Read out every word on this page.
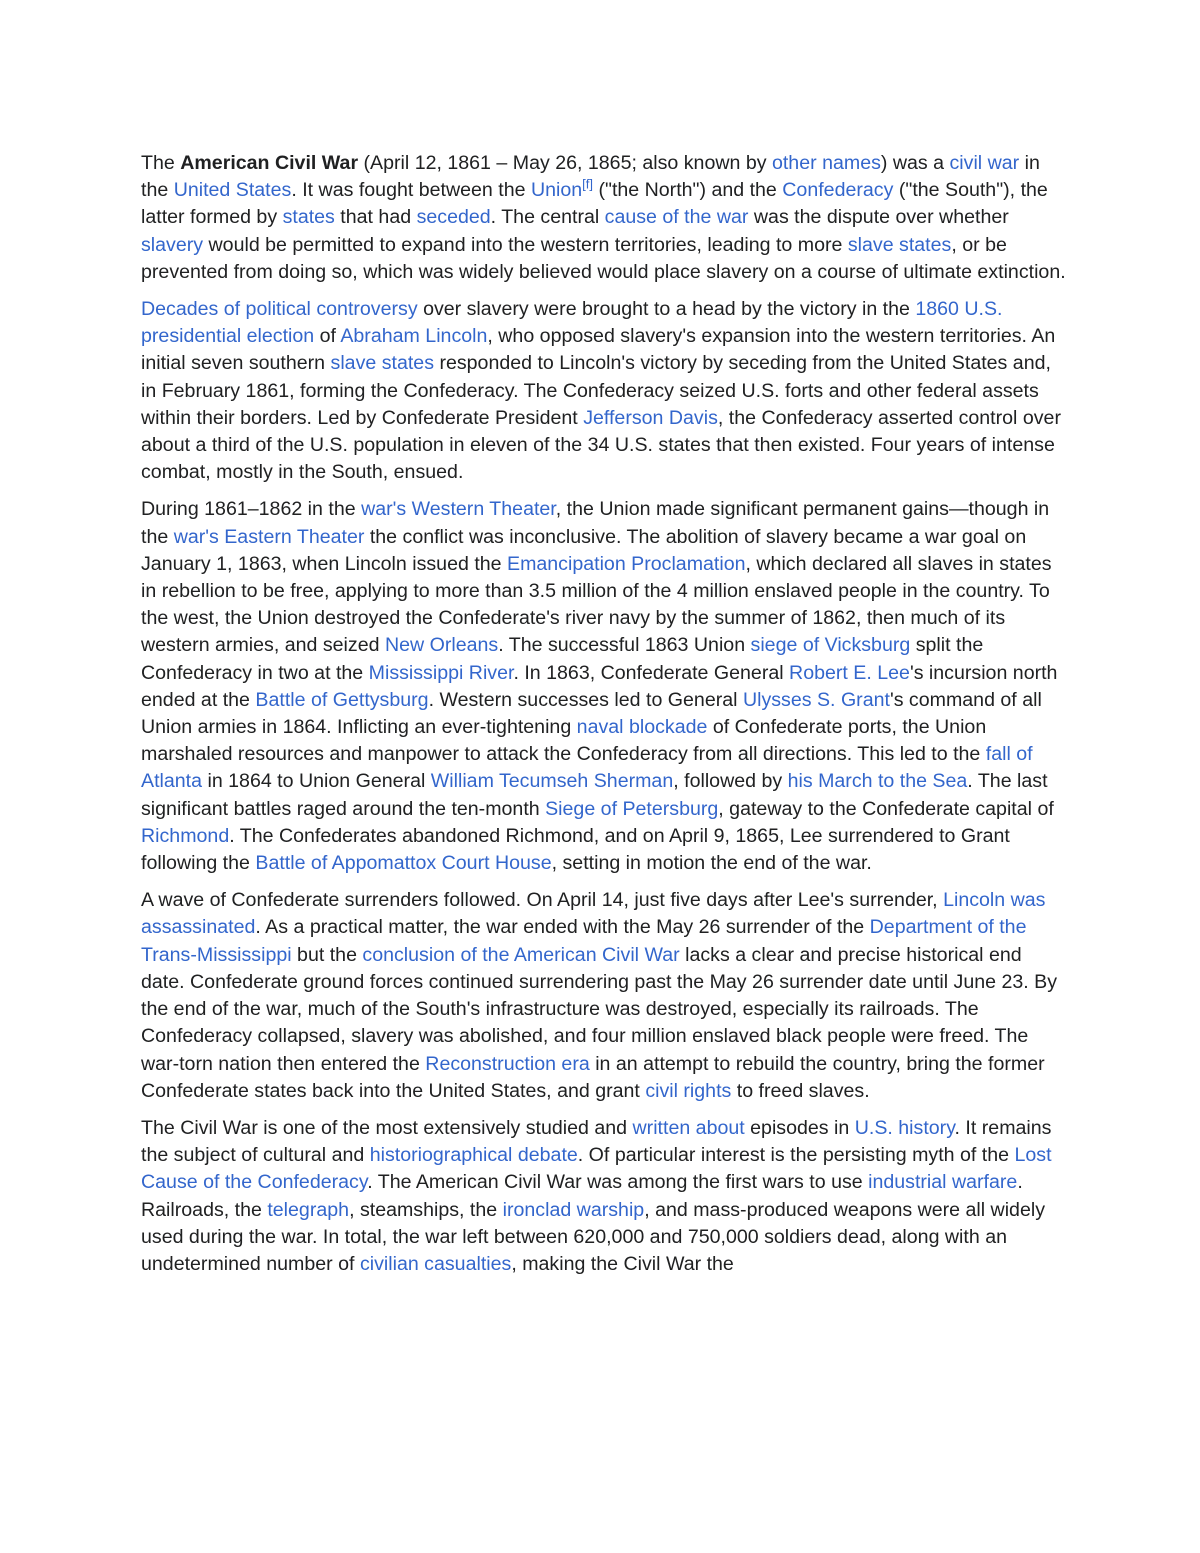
The American Civil War (April 12, 1861 – May 26, 1865; also known by other names) was a civil war in the United States. It was fought between the Union[f] ("the North") and the Confederacy ("the South"), the latter formed by states that had seceded. The central cause of the war was the dispute over whether slavery would be permitted to expand into the western territories, leading to more slave states, or be prevented from doing so, which was widely believed would place slavery on a course of ultimate extinction.

Decades of political controversy over slavery were brought to a head by the victory in the 1860 U.S. presidential election of Abraham Lincoln, who opposed slavery's expansion into the western territories. An initial seven southern slave states responded to Lincoln's victory by seceding from the United States and, in February 1861, forming the Confederacy. The Confederacy seized U.S. forts and other federal assets within their borders. Led by Confederate President Jefferson Davis, the Confederacy asserted control over about a third of the U.S. population in eleven of the 34 U.S. states that then existed. Four years of intense combat, mostly in the South, ensued.

During 1861–1862 in the war's Western Theater, the Union made significant permanent gains—though in the war's Eastern Theater the conflict was inconclusive. The abolition of slavery became a war goal on January 1, 1863, when Lincoln issued the Emancipation Proclamation, which declared all slaves in states in rebellion to be free, applying to more than 3.5 million of the 4 million enslaved people in the country. To the west, the Union destroyed the Confederate's river navy by the summer of 1862, then much of its western armies, and seized New Orleans. The successful 1863 Union siege of Vicksburg split the Confederacy in two at the Mississippi River. In 1863, Confederate General Robert E. Lee's incursion north ended at the Battle of Gettysburg. Western successes led to General Ulysses S. Grant's command of all Union armies in 1864. Inflicting an ever-tightening naval blockade of Confederate ports, the Union marshaled resources and manpower to attack the Confederacy from all directions. This led to the fall of Atlanta in 1864 to Union General William Tecumseh Sherman, followed by his March to the Sea. The last significant battles raged around the ten-month Siege of Petersburg, gateway to the Confederate capital of Richmond. The Confederates abandoned Richmond, and on April 9, 1865, Lee surrendered to Grant following the Battle of Appomattox Court House, setting in motion the end of the war.

A wave of Confederate surrenders followed. On April 14, just five days after Lee's surrender, Lincoln was assassinated. As a practical matter, the war ended with the May 26 surrender of the Department of the Trans-Mississippi but the conclusion of the American Civil War lacks a clear and precise historical end date. Confederate ground forces continued surrendering past the May 26 surrender date until June 23. By the end of the war, much of the South's infrastructure was destroyed, especially its railroads. The Confederacy collapsed, slavery was abolished, and four million enslaved black people were freed. The war-torn nation then entered the Reconstruction era in an attempt to rebuild the country, bring the former Confederate states back into the United States, and grant civil rights to freed slaves.

The Civil War is one of the most extensively studied and written about episodes in U.S. history. It remains the subject of cultural and historiographical debate. Of particular interest is the persisting myth of the Lost Cause of the Confederacy. The American Civil War was among the first wars to use industrial warfare. Railroads, the telegraph, steamships, the ironclad warship, and mass-produced weapons were all widely used during the war. In total, the war left between 620,000 and 750,000 soldiers dead, along with an undetermined number of civilian casualties, making the Civil War the
